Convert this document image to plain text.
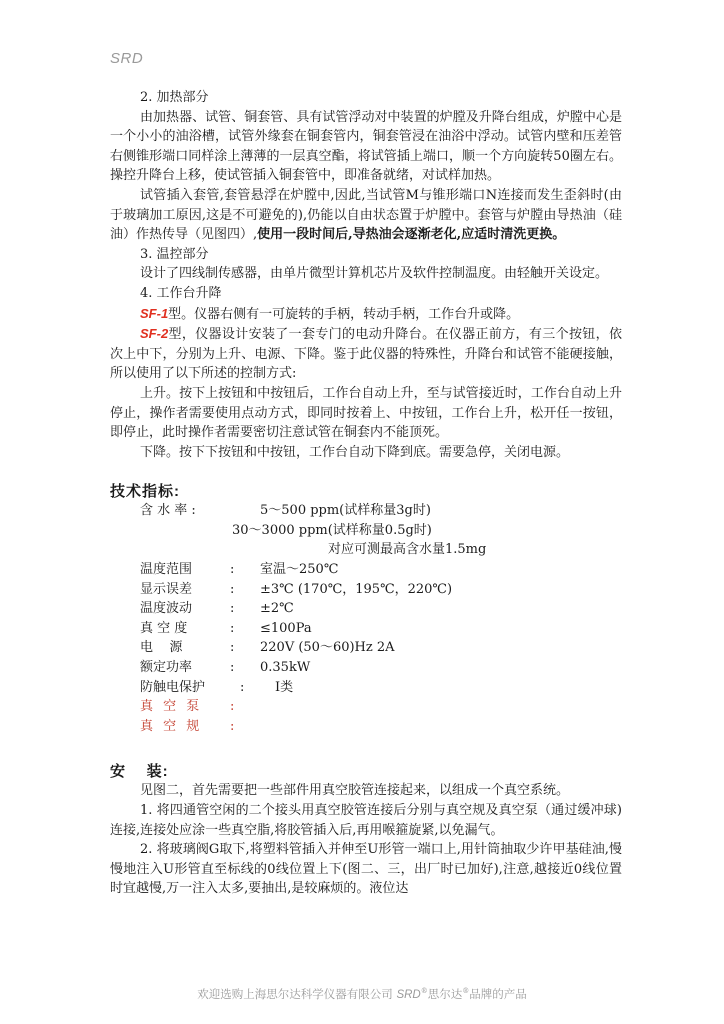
SRD

2. 加热部分

由加热器、试管、铜套管、具有试管浮动对中装置的炉膛及升降台组成，炉膛中心是一个小小的油浴槽，试管外缘套在铜套管内，铜套管浸在油浴中浮动。试管内壁和压差管右侧锥形端口同样涂上薄薄的一层真空酯，将试管插上端口，顺一个方向旋转50圈左右。操控升降台上移，使试管插入铜套管中，即准备就绪，对试样加热。

试管插入套管,套管悬浮在炉膛中,因此,当试管M与锥形端口N连接而发生歪斜时(由于玻璃加工原因,这是不可避免的),仍能以自由状态置于炉膛中。套管与炉膛由导热油（硅油）作热传导（见图四）,使用一段时间后,导热油会逐渐老化,应适时清洗更换。

3. 温控部分

设计了四线制传感器，由单片微型计算机芯片及软件控制温度。由轻触开关设定。

4. 工作台升降

SF-1型。仪器右侧有一可旋转的手柄，转动手柄，工作台升或降。

SF-2型，仪器设计安装了一套专门的电动升降台。在仪器正前方，有三个按钮，依次上中下，分别为上升、电源、下降。鉴于此仪器的特殊性，升降台和试管不能硬接触，所以使用了以下所述的控制方式:

上升。按下上按钮和中按钮后，工作台自动上升，至与试管接近时，工作台自动上升停止，操作者需要使用点动方式，即同时按着上、中按钮，工作台上升，松开任一按钮，即停止，此时操作者需要密切注意试管在铜套内不能顶死。

下降。按下下按钮和中按钮，工作台自动下降到底。需要急停，关闭电源。

技术指标:

含 水 率 :	5～500 ppm(试样称量3g时)
30～3000 ppm(试样称量0.5g时)
对应可测最高含水量1.5mg
温度范围	:	室温～250℃
显示误差	:	±3℃ (170℃，195℃，220℃)
温度波动	:	±2℃
真 空 度	:	≤100Pa
电    源	:	220V (50～60)Hz 2A
额定功率	:	0.35kW
防触电保护	:	I类
真 空 泵	:
真 空 规	:

安    装:

见图二，首先需要把一些部件用真空胶管连接起来，以组成一个真空系统。

1. 将四通管空闲的二个接头用真空胶管连接后分别与真空规及真空泵（通过缓冲球)连接,连接处应涂一些真空脂,将胶管插入后,再用喉箍旋紧,以免漏气。

2. 将玻璃阀G取下,将塑料管插入并伸至U形管一端口上,用针筒抽取少许甲基硅油,慢慢地注入U形管直至标线的0线位置上下(图二、三，出厂时已加好),注意,越接近0线位置时宜越慢,万一注入太多,要抽出,是较麻烦的。液位达

欢迎选购上海思尔达科学仪器有限公司 SRD®思尔达®品牌的产品
